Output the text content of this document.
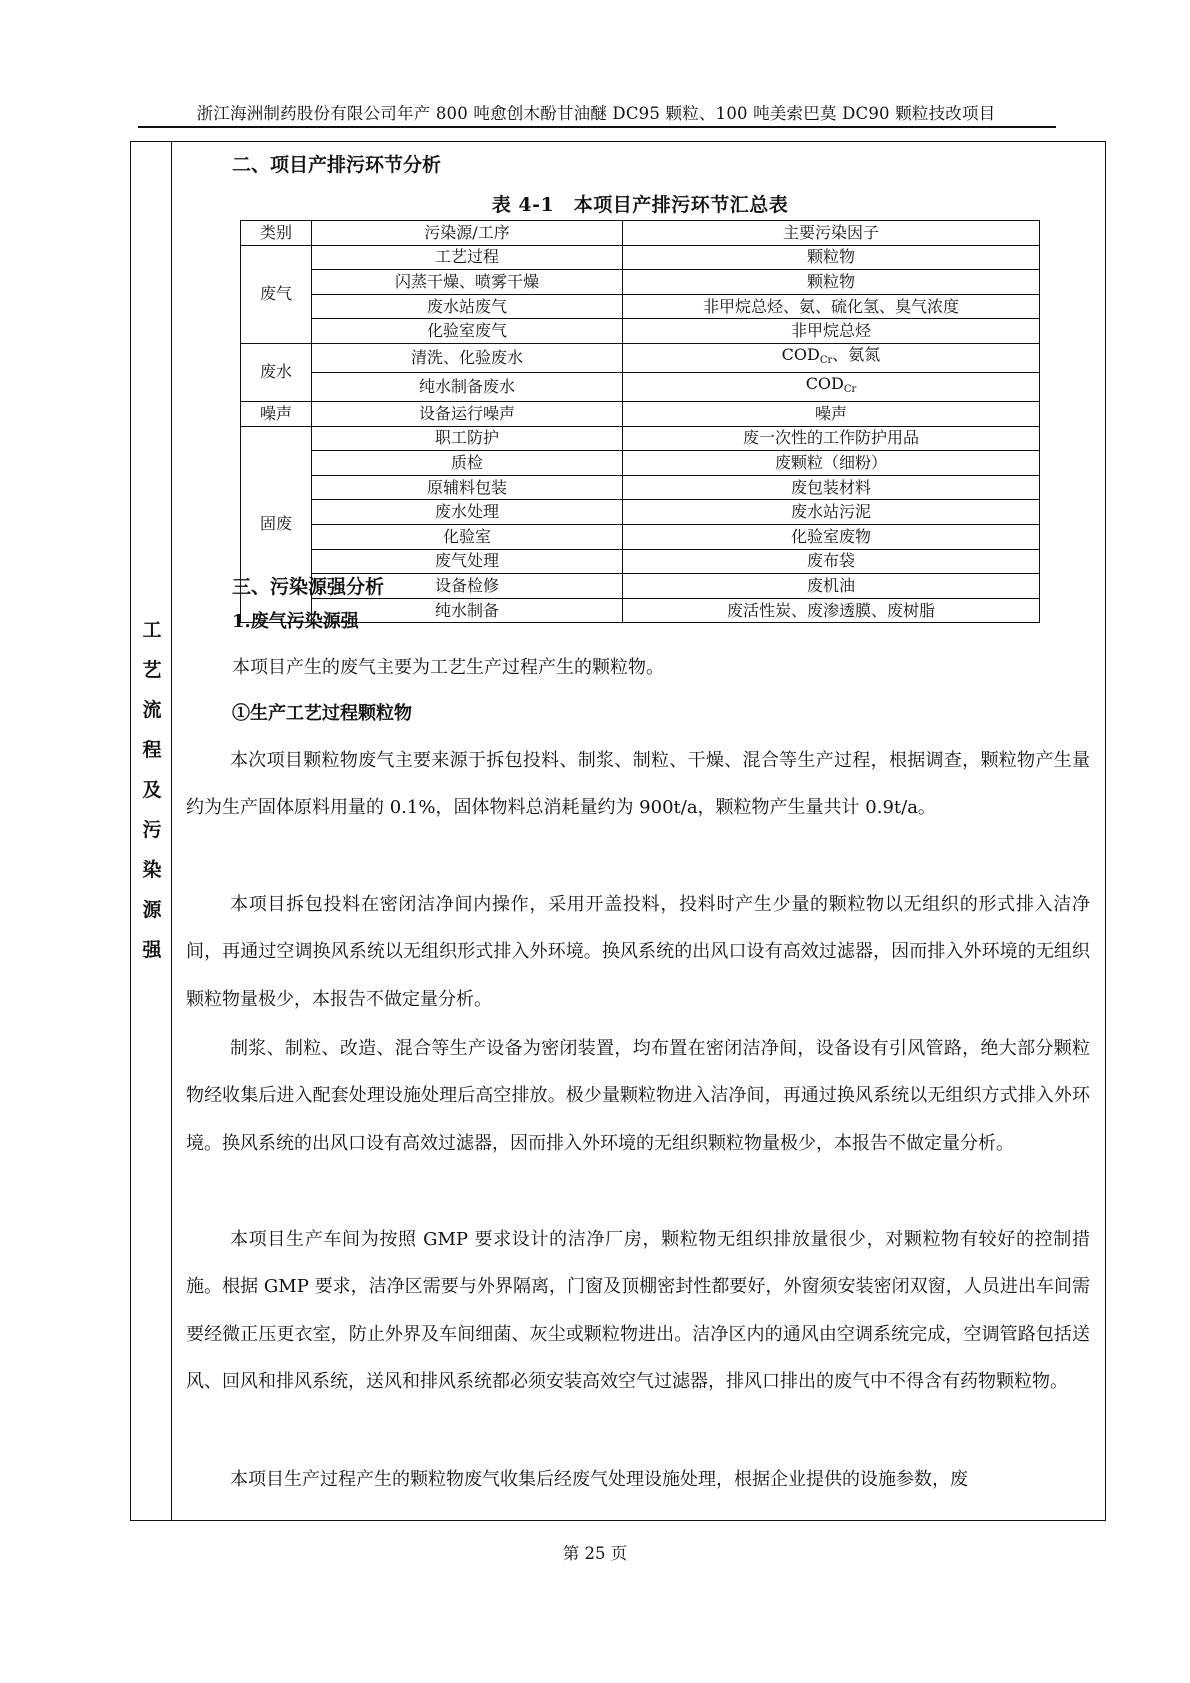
浙江海洲制药股份有限公司年产 800 吨愈创木酚甘油醚 DC95 颗粒、100 吨美索巴莫 DC90 颗粒技改项目
工
艺
流
程
及
污
染
源
强
二、项目产排污环节分析
表 4-1　本项目产排污环节汇总表
类别	污染源/工序	主要污染因子
废气	工艺过程	颗粒物
	闪蒸干燥、喷雾干燥	颗粒物
	废水站废气	非甲烷总烃、氨、硫化氢、臭气浓度
	化验室废气	非甲烷总烃
废水	清洗、化验废水	$COD_{Cr}$、氨氮
	纯水制备废水	$COD_{Cr}$
噪声	设备运行噪声	噪声
固废	职工防护	废一次性的工作防护用品
	质检	废颗粒（细粉）
	原辅料包装	废包装材料
	废水处理	废水站污泥
	化验室	化验室废物
	废气处理	废布袋
	设备检修	废机油
	纯水制备	废活性炭、废渗透膜、废树脂
三、污染源强分析
1.废气污染源强
本项目产生的废气主要为工艺生产过程产生的颗粒物。
①生产工艺过程颗粒物
本次项目颗粒物废气主要来源于拆包投料、制浆、制粒、干燥、混合等生产过程，根据调查，颗粒物产生量约为生产固体原料用量的 0.1%，固体物料总消耗量约为 900t/a，颗粒物产生量共计 0.9t/a。
本项目拆包投料在密闭洁净间内操作，采用开盖投料，投料时产生少量的颗粒物以无组织的形式排入洁净间，再通过空调换风系统以无组织形式排入外环境。换风系统的出风口设有高效过滤器，因而排入外环境的无组织颗粒物量极少，本报告不做定量分析。
制浆、制粒、改造、混合等生产设备为密闭装置，均布置在密闭洁净间，设备设有引风管路，绝大部分颗粒物经收集后进入配套处理设施处理后高空排放。极少量颗粒物进入洁净间，再通过换风系统以无组织方式排入外环境。换风系统的出风口设有高效过滤器，因而排入外环境的无组织颗粒物量极少，本报告不做定量分析。
本项目生产车间为按照 GMP 要求设计的洁净厂房，颗粒物无组织排放量很少，对颗粒物有较好的控制措施。根据 GMP 要求，洁净区需要与外界隔离，门窗及顶棚密封性都要好，外窗须安装密闭双窗，人员进出车间需要经微正压更衣室，防止外界及车间细菌、灰尘或颗粒物进出。洁净区内的通风由空调系统完成，空调管路包括送风、回风和排风系统，送风和排风系统都必须安装高效空气过滤器，排风口排出的废气中不得含有药物颗粒物。
本项目生产过程产生的颗粒物废气收集后经废气处理设施处理，根据企业提供的设施参数，废
第 25 页
